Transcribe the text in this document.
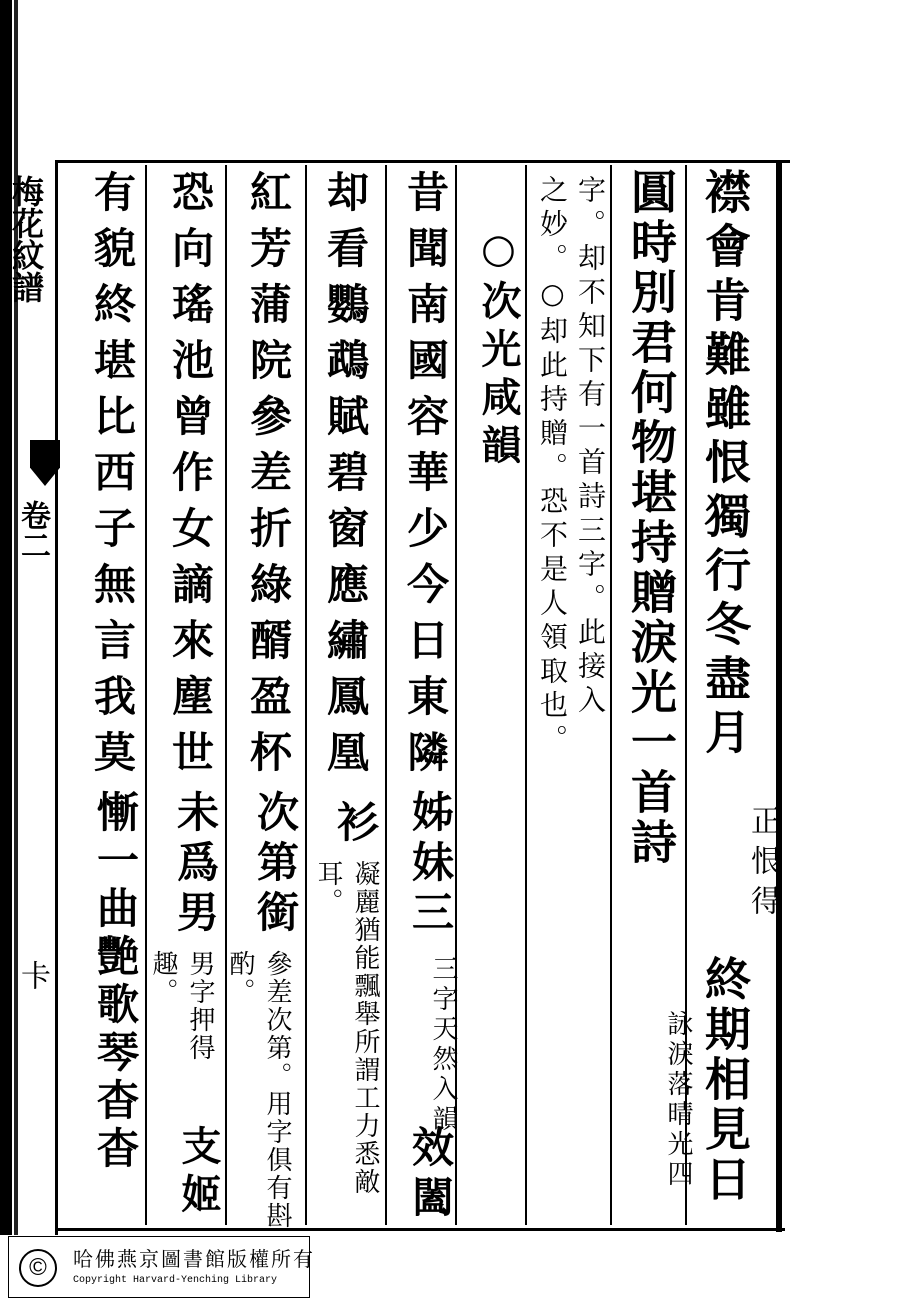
梅花紋譜
卷二
卡
襟會肯難雖恨獨行冬盡月
正恨得
終期相見日
圓時別君何物堪持贈淚光一首詩
詠淚落晴光四
字。却不知下有一首詩三字。此接入
之妙。○却此持贈。恐不是人領取也。
○次光咸韻
昔聞南國容華少今日東隣
姊妹三
三字天然入韻
效闔
却看鸚鵡賦碧窗應繡鳳凰
衫
凝麗猶能飄舉所謂工力悉敵耳。
紅芳蒲院參差折綠醑盈杯
次第銜
參差次第。用字俱有斟酌。
恐向瑤池曾作女謫來塵世
未爲男
男字押得趣。
支姬
有貌終堪比西子無言我莫
慚一曲艷歌琴杳杳
©	哈佛燕京圖書館版權所有
Copyright Harvard-Yenching Library
